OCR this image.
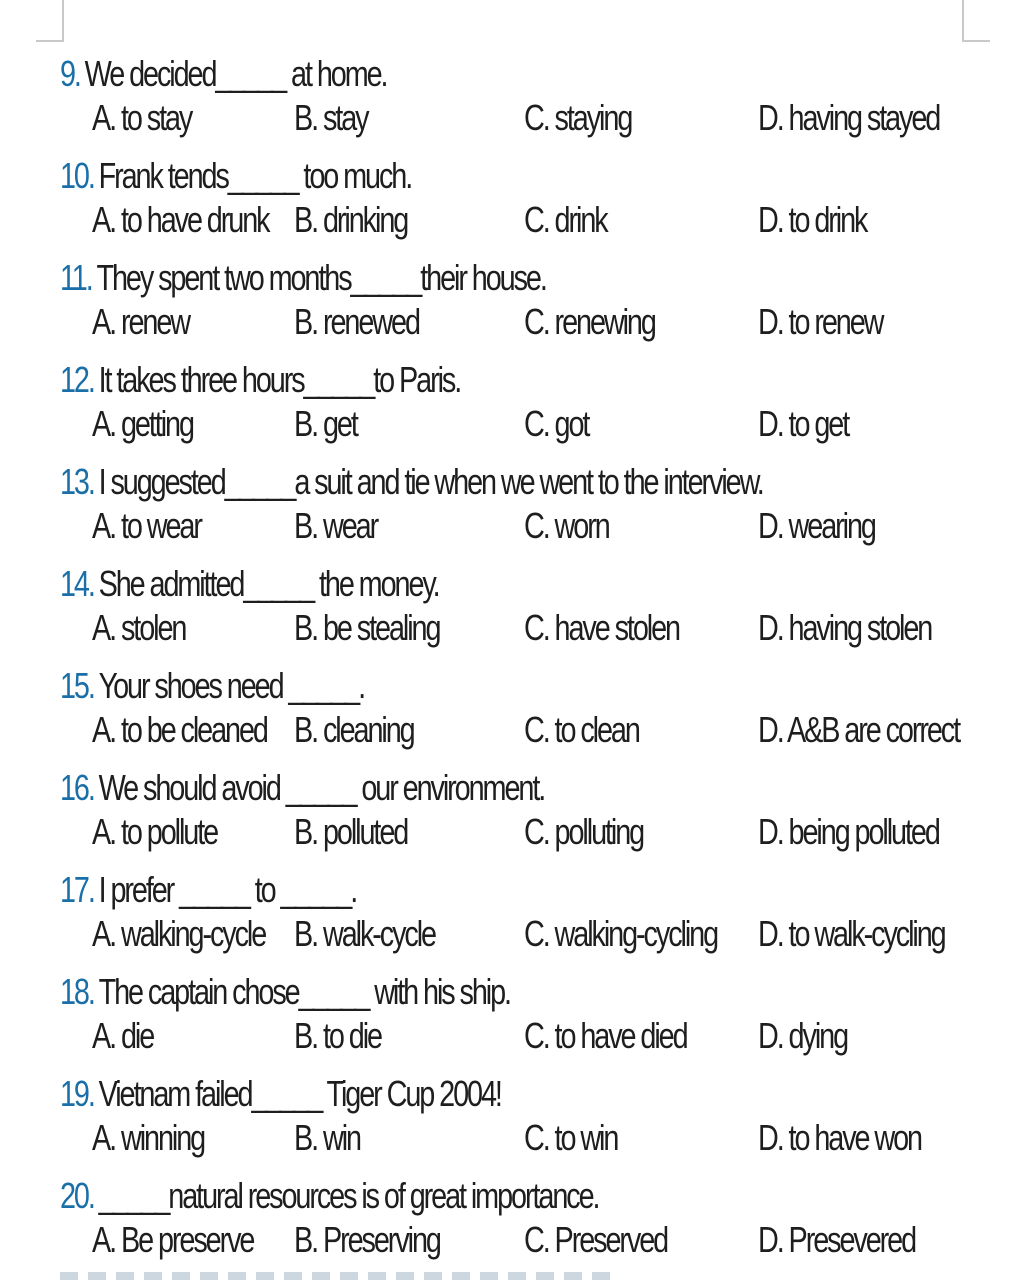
9. We decided_____ at home.
A. to stay	B. stay	C. staying	D. having stayed
10. Frank tends_____ too much.
A. to have drunk B. drinking	C. drink	D. to drink
11. They spent two months_____their house.
A. renew	B. renewed	C. renewing	D. to renew
12. It takes three hours_____to Paris.
A. getting	B. get	C. got	D. to get
13. I suggested_____a suit and tie when we went to the interview.
A. to wear	B. wear	C. worn	D. wearing
14. She admitted_____ the money.
A. stolen	B. be stealing C. have stolen D. having stolen
15. Your shoes need _____.
A. to be cleaned B. cleaning	C. to clean	D. A&B are correct
16. We should avoid _____ our environment.
A. to pollute B. polluted	C. polluting	D. being polluted
17. I prefer _____ to _____.
A. walking-cycle B. walk-cycle C. walking-cycling D. to walk-cycling
18. The captain chose_____ with his ship.
A. die	B. to die	C. to have died D. dying
19. Vietnam failed_____ Tiger Cup 2004!
A. winning B. win	C. to win	D. to have won
20. _____natural resources is of great importance.
A. Be preserve B. Preserving C. Preserved	D. Presevered
